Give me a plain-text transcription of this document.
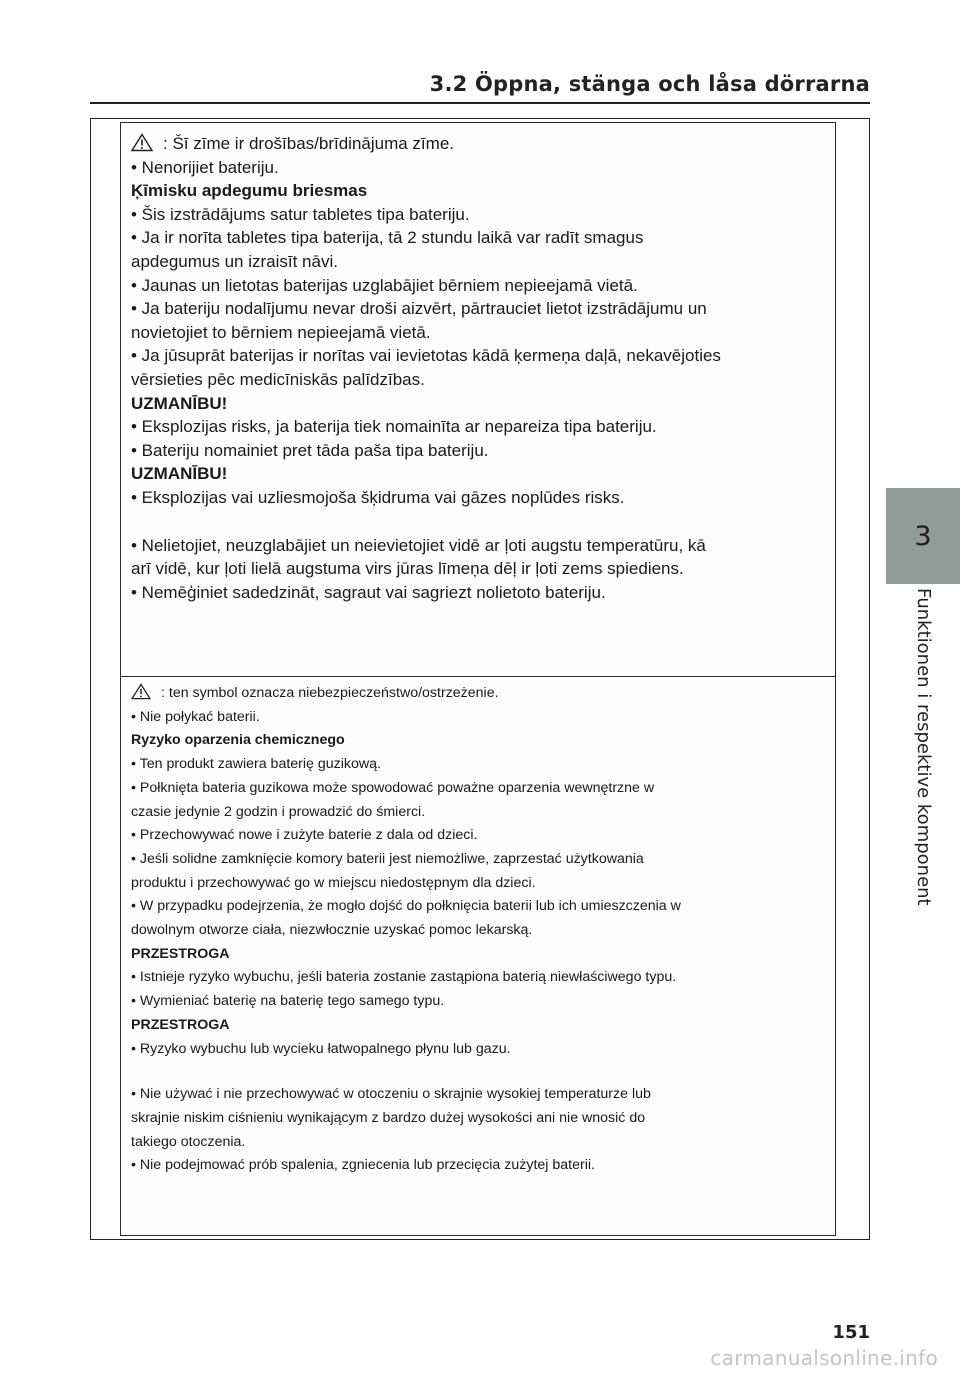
3.2 Öppna, stänga och låsa dörrarna
3
Funktionen i respektive komponent
: Šī zīme ir drošības/brīdinājuma zīme.
• Nenorijiet bateriju.
Ķīmisku apdegumu briesmas
• Šis izstrādājums satur tabletes tipa bateriju.
• Ja ir norīta tabletes tipa baterija, tā 2 stundu laikā var radīt smagus
apdegumus un izraisīt nāvi.
• Jaunas un lietotas baterijas uzglabājiet bērniem nepieejamā vietā.
• Ja bateriju nodalījumu nevar droši aizvērt, pārtrauciet lietot izstrādājumu un
novietojiet to bērniem nepieejamā vietā.
• Ja jūsuprāt baterijas ir norītas vai ievietotas kādā ķermeņa daļā, nekavējoties
vērsieties pēc medicīniskās palīdzības.
UZMANĪBU!
• Eksplozijas risks, ja baterija tiek nomainīta ar nepareiza tipa bateriju.
• Bateriju nomainiet pret tāda paša tipa bateriju.
UZMANĪBU!
• Eksplozijas vai uzliesmojoša šķidruma vai gāzes noplūdes risks.
• Nelietojiet, neuzglabājiet un neievietojiet vidē ar ļoti augstu temperatūru, kā
arī vidē, kur ļoti lielā augstuma virs jūras līmeņa dēļ ir ļoti zems spiediens.
• Nemēģiniet sadedzināt, sagraut vai sagriezt nolietoto bateriju.
: ten symbol oznacza niebezpieczeństwo/ostrzeżenie.
• Nie połykać baterii.
Ryzyko oparzenia chemicznego
• Ten produkt zawiera baterię guzikową.
• Połknięta bateria guzikowa może spowodować poważne oparzenia wewnętrzne w
czasie jedynie 2 godzin i prowadzić do śmierci.
• Przechowywać nowe i zużyte baterie z dala od dzieci.
• Jeśli solidne zamknięcie komory baterii jest niemożliwe, zaprzestać użytkowania
produktu i przechowywać go w miejscu niedostępnym dla dzieci.
• W przypadku podejrzenia, że mogło dojść do połknięcia baterii lub ich umieszczenia w
dowolnym otworze ciała, niezwłocznie uzyskać pomoc lekarską.
PRZESTROGA
• Istnieje ryzyko wybuchu, jeśli bateria zostanie zastąpiona baterią niewłaściwego typu.
• Wymieniać baterię na baterię tego samego typu.
PRZESTROGA
• Ryzyko wybuchu lub wycieku łatwopalnego płynu lub gazu.
• Nie używać i nie przechowywać w otoczeniu o skrajnie wysokiej temperaturze lub
skrajnie niskim ciśnieniu wynikającym z bardzo dużej wysokości ani nie wnosić do
takiego otoczenia.
• Nie podejmować prób spalenia, zgniecenia lub przecięcia zużytej baterii.
151
carmanualsonline.info
